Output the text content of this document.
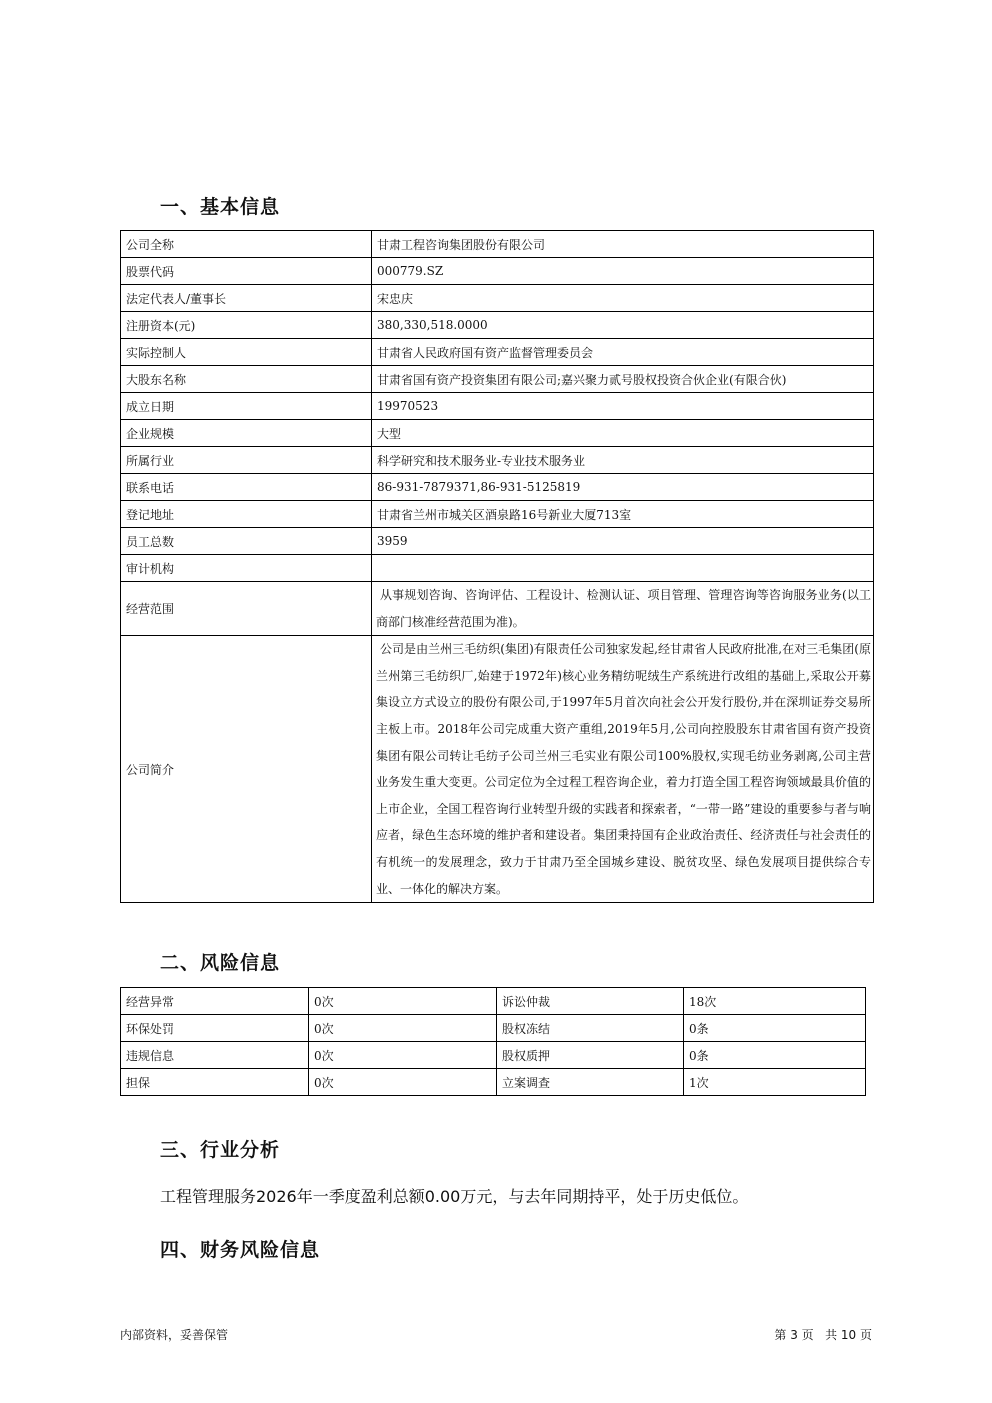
一、基本信息
公司全称	甘肃工程咨询集团股份有限公司
股票代码	000779.SZ
法定代表人/董事长	宋忠庆
注册资本(元)	380,330,518.0000
实际控制人	甘肃省人民政府国有资产监督管理委员会
大股东名称	甘肃省国有资产投资集团有限公司;嘉兴聚力贰号股权投资合伙企业(有限合伙)
成立日期	19970523
企业规模	大型
所属行业	科学研究和技术服务业-专业技术服务业
联系电话	86-931-7879371,86-931-5125819
登记地址	甘肃省兰州市城关区酒泉路16号新业大厦713室
员工总数	3959
审计机构	
经营范围	从事规划咨询、咨询评估、工程设计、检测认证、项目管理、管理咨询等咨询服务业务(以工商部门核准经营范围为准)。

公司简介	公司是由兰州三毛纺织(集团)有限责任公司独家发起,经甘肃省人民政府批准,在对三毛集团(原兰州第三毛纺织厂,始建于1972年)核心业务精纺呢绒生产系统进行改组的基础上,采取公开募集设立方式设立的股份有限公司,于1997年5月首次向社会公开发行股份,并在深圳证券交易所主板上市。2018年公司完成重大资产重组,2019年5月,公司向控股股东甘肃省国有资产投资集团有限公司转让毛纺子公司兰州三毛实业有限公司100%股权,实现毛纺业务剥离,公司主营业务发生重大变更。公司定位为全过程工程咨询企业，着力打造全国工程咨询领域最具价值的上市企业，全国工程咨询行业转型升级的实践者和探索者，“一带一路”建设的重要参与者与响应者，绿色生态环境的维护者和建设者。集团秉持国有企业政治责任、经济责任与社会责任的有机统一的发展理念，致力于甘肃乃至全国城乡建设、脱贫攻坚、绿色发展项目提供综合专业、一体化的解决方案。
二、风险信息
经营异常	0次	诉讼仲裁	18次
环保处罚	0次	股权冻结	0条
违规信息	0次	股权质押	0条
担保	0次	立案调查	1次
三、行业分析

工程管理服务2026年一季度盈利总额0.00万元，与去年同期持平，处于历史低位。

四、财务风险信息
内部资料，妥善保管	第 3 页   共 10 页
